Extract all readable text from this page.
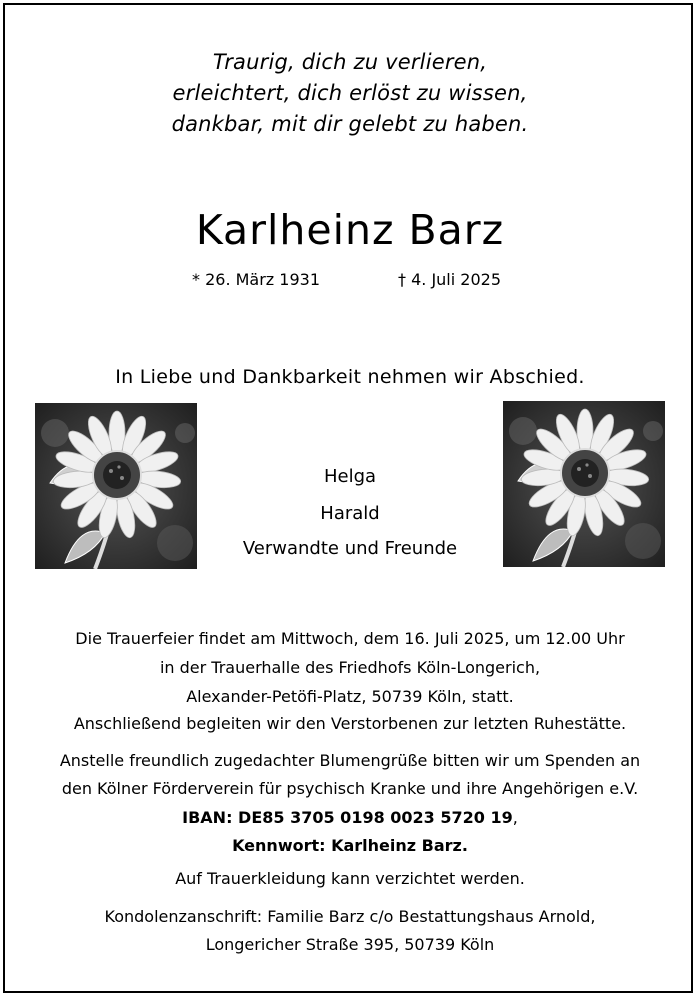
Traurig, dich zu verlieren,
erleichtert, dich erlöst zu wissen,
dankbar, mit dir gelebt zu haben.
Karlheinz Barz
* 26. März 1931	† 4. Juli 2025
In Liebe und Dankbarkeit nehmen wir Abschied.
Helga
Harald
Verwandte und Freunde
Die Trauerfeier findet am Mittwoch, dem 16. Juli 2025, um 12.00 Uhr
in der Trauerhalle des Friedhofs Köln-Longerich,
Alexander-Petöfi-Platz, 50739 Köln, statt.
Anschließend begleiten wir den Verstorbenen zur letzten Ruhestätte.
Anstelle freundlich zugedachter Blumengrüße bitten wir um Spenden an
den Kölner Förderverein für psychisch Kranke und ihre Angehörigen e.V.
IBAN: DE85 3705 0198 0023 5720 19,
Kennwort: Karlheinz Barz.
Auf Trauerkleidung kann verzichtet werden.
Kondolenzanschrift: Familie Barz c/o Bestattungshaus Arnold,
Longericher Straße 395, 50739 Köln
